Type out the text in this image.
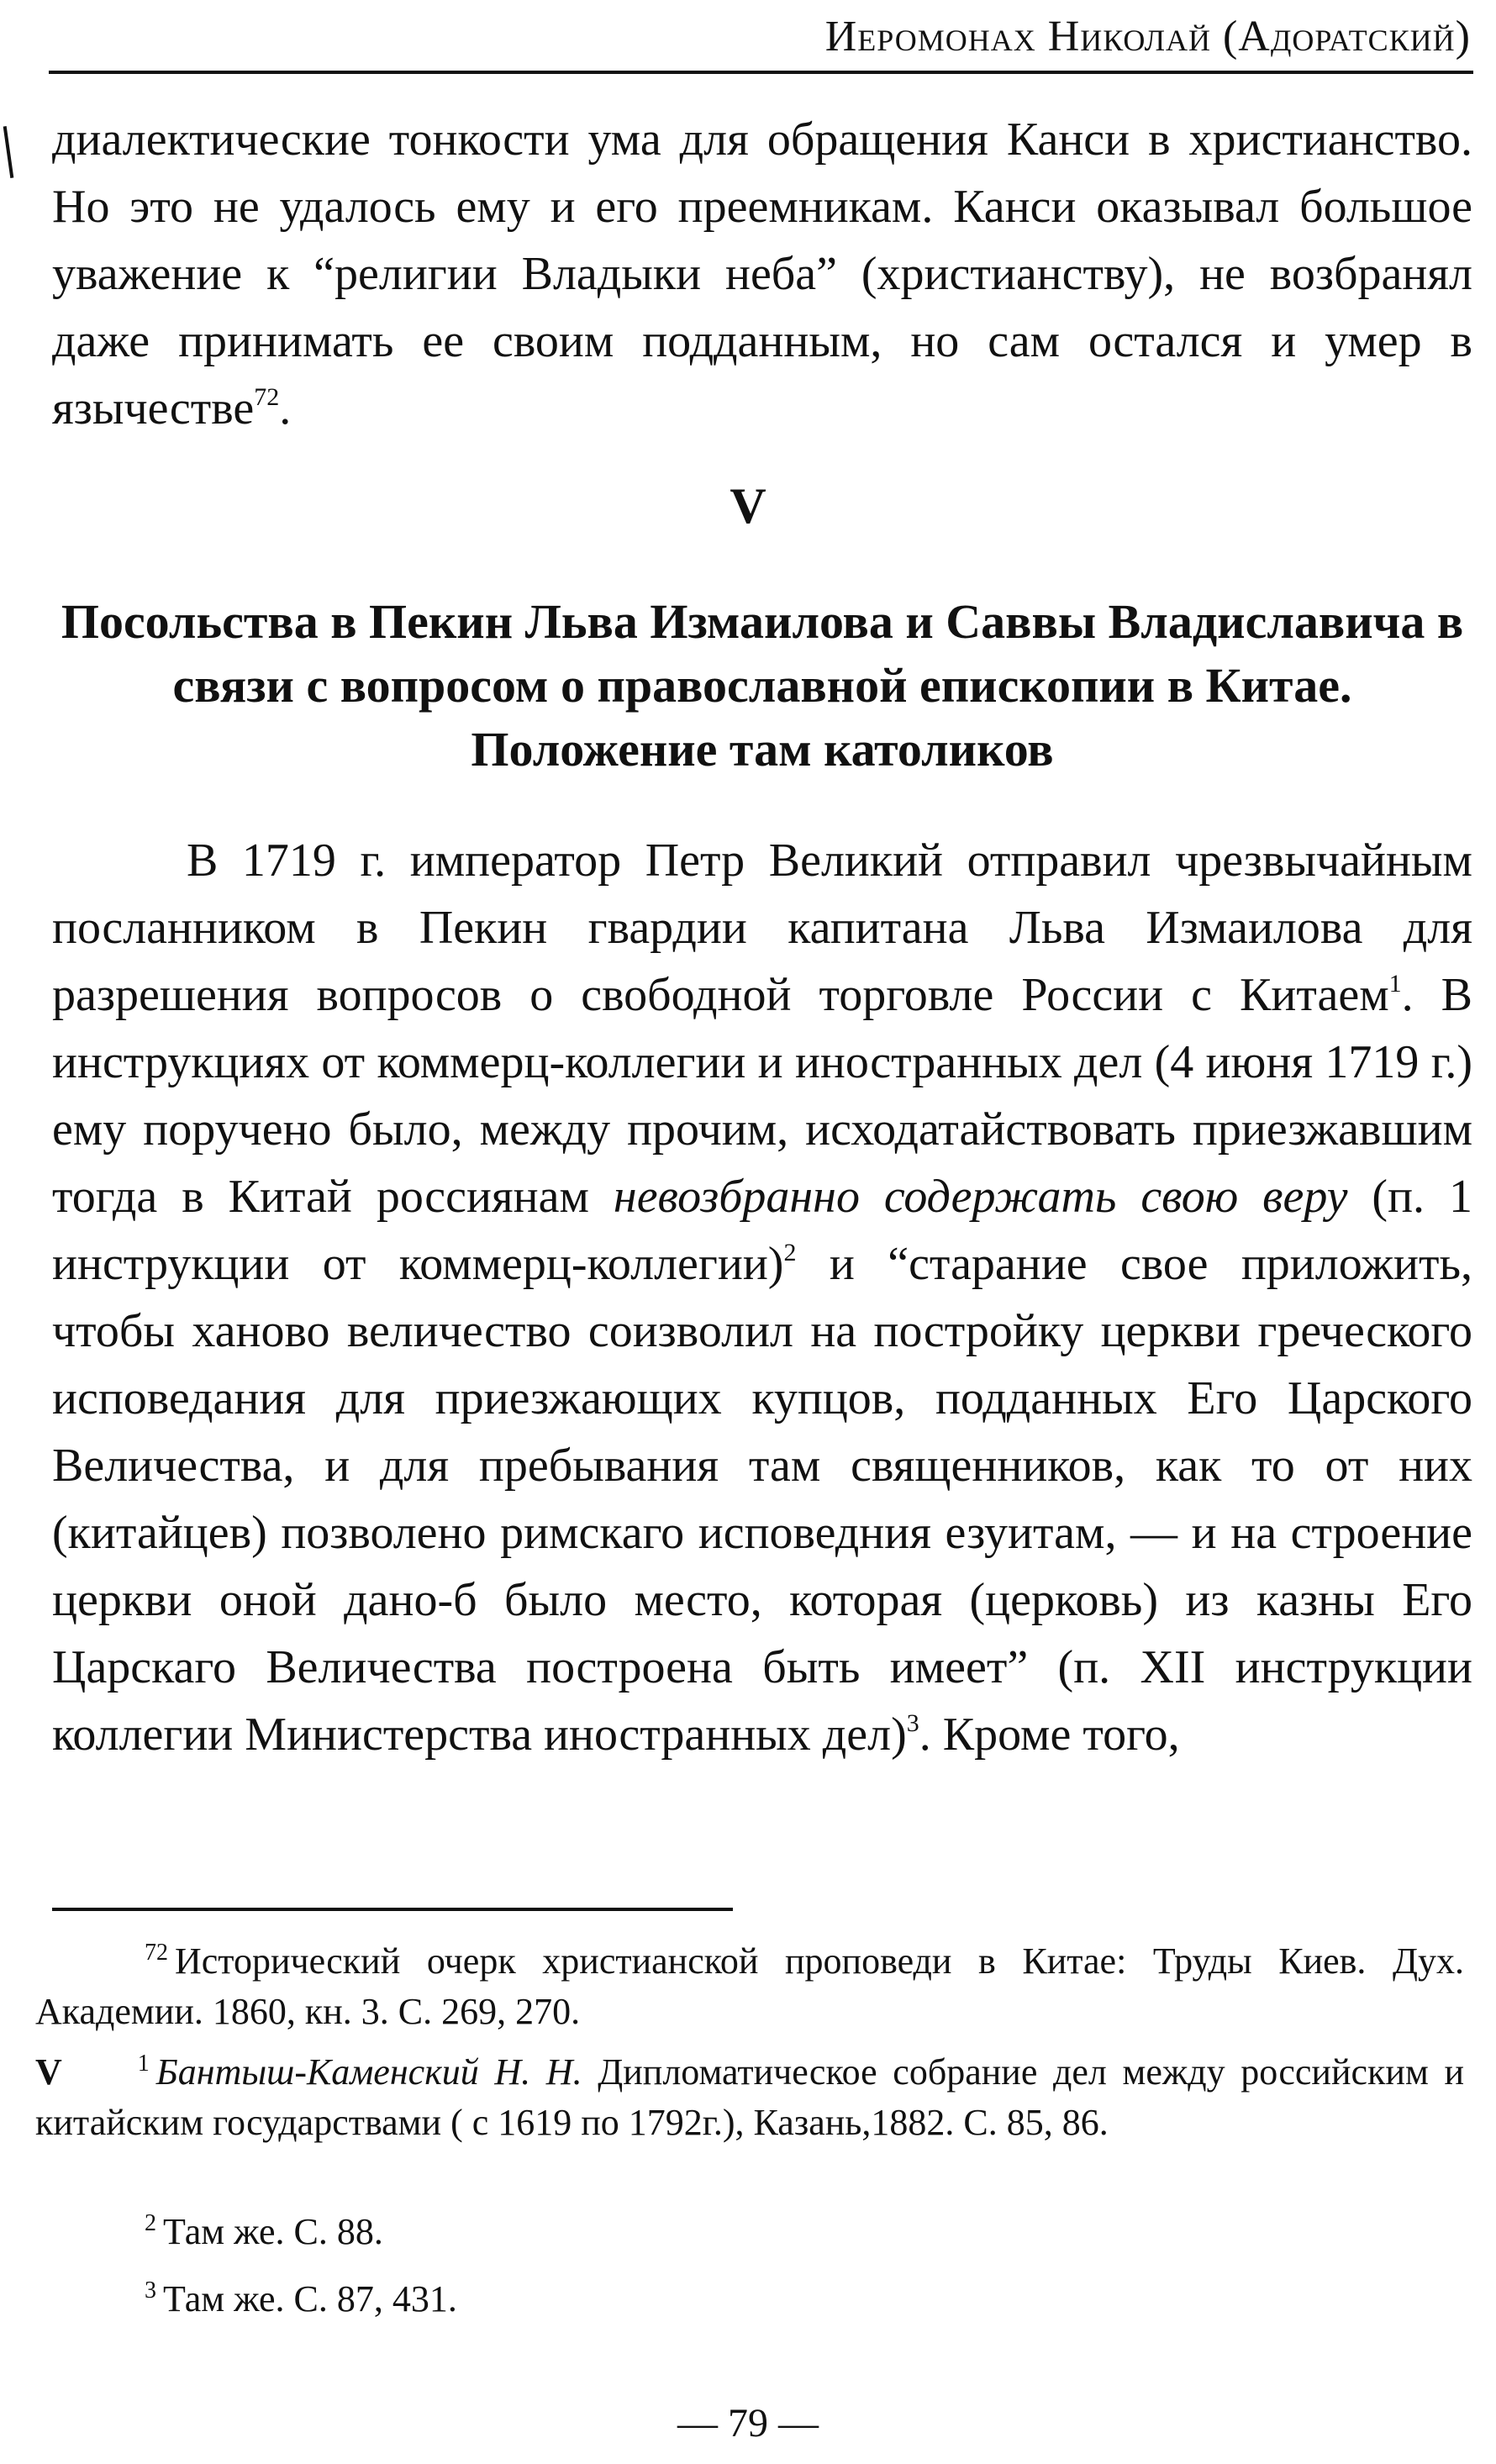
Иеромонах Николай (Адоратский)

диалектические тонкости ума для обращения Канси в христианство. Но это не удалось ему и его преемникам. Канси оказывал большое уважение к “религии Владыки неба” (христианству), не возбранял даже принимать ее своим подданным, но сам остался и умер в язычестве$^{72}$.

V
Посольства в Пекин Льва Измаилова и Саввы Владиславича в связи с вопросом о православной епископии в Китае. Положение там католиков

В 1719 г. император Петр Великий отправил чрезвычайным посланником в Пекин гвардии капитана Льва Измаилова для разрешения вопросов о свободной торговле России с Китаем$^1$. В инструкциях от коммерц-коллегии и иностранных дел (4 июня 1719 г.) ему поручено было, между прочим, исходатайствовать приезжавшим тогда в Китай россиянам невозбранно содержать свою веру (п. 1 инструкции от коммерц-коллегии)$^2$ и “старание свое приложить, чтобы ханово величество соизволил на постройку церкви греческого исповедания для приезжающих купцов, подданных Его Царского Величества, и для пребывания там священников, как то от них (китайцев) позволено римскаго исповедния езуитам, — и на строение церкви оной дано-б было место, которая (церковь) из казны Его Царскаго Величества построена быть имеет” (п. XII инструкции коллегии Министерства иностранных дел)$^3$. Кроме того,

$^{72}$ Исторический очерк христианской проповеди в Китае: Труды Киев. Дух. Академии. 1860, кн. 3. С. 269, 270.

V	$^1$ Бантыш-Каменский Н. Н. Дипломатическое собрание дел между российским и китайским государствами ( с 1619 по 1792г.), Казань,1882. С. 85, 86.

$^2$ Там же. С. 88.

$^3$ Там же. С. 87, 431.

— 79 —
